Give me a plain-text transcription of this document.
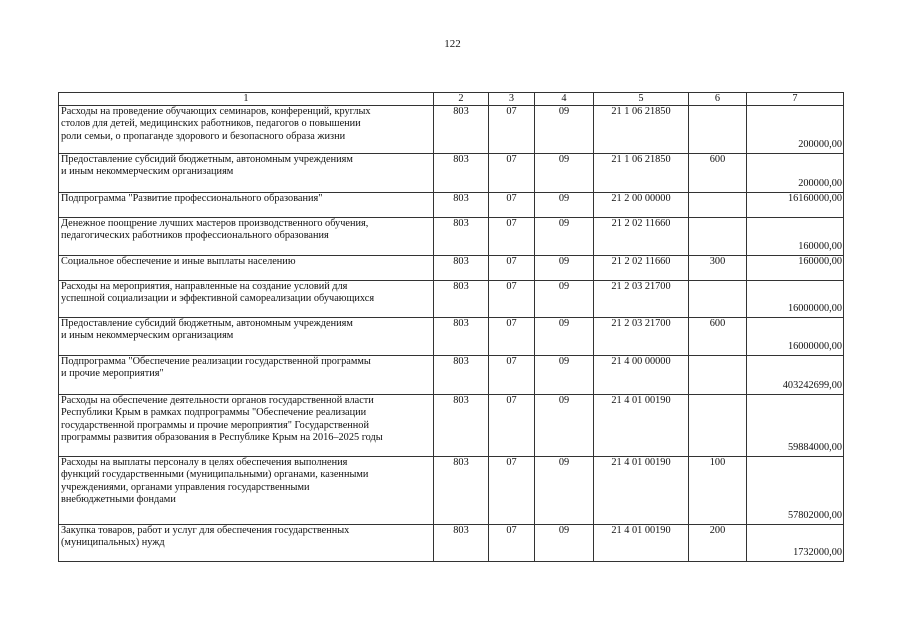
122
1	2	3	4	5	6	7
Расходы на проведение обучающих семинаров, конференций, круглых
столов для детей, медицинских работников, педагогов о повышении
роли семьи, о пропаганде здорового и безопасного образа жизни	803	07	09	21 1 06 21850		200000,00

Предоставление субсидий бюджетным, автономным учреждениям
и иным некоммерческим организациям	803	07	09	21 1 06 21850	600	200000,00

Подпрограмма "Развитие профессионального образования"	803	07	09	21 2 00 00000		16160000,00

Денежное поощрение лучших мастеров производственного обучения,
педагогических работников профессионального образования	803	07	09	21 2 02 11660		160000,00

Социальное обеспечение и иные выплаты населению	803	07	09	21 2 02 11660	300	160000,00

Расходы на мероприятия, направленные на создание условий для
успешной социализации и эффективной самореализации обучающихся	803	07	09	21 2 03 21700		16000000,00

Предоставление субсидий бюджетным, автономным учреждениям
и иным некоммерческим организациям	803	07	09	21 2 03 21700	600	16000000,00

Подпрограмма "Обеспечение реализации государственной программы
и прочие мероприятия"	803	07	09	21 4 00 00000		403242699,00

Расходы на обеспечение деятельности органов государственной власти
Республики Крым в рамках подпрограммы "Обеспечение реализации
государственной программы и прочие мероприятия" Государственной
программы развития образования в Республике Крым на 2016–2025 годы	803	07	09	21 4 01 00190		59884000,00

Расходы на выплаты персоналу в целях обеспечения выполнения
функций государственными (муниципальными) органами, казенными
учреждениями, органами управления государственными
внебюджетными фондами	803	07	09	21 4 01 00190	100	57802000,00

Закупка товаров, работ и услуг для обеспечения государственных
(муниципальных) нужд	803	07	09	21 4 01 00190	200	1732000,00
